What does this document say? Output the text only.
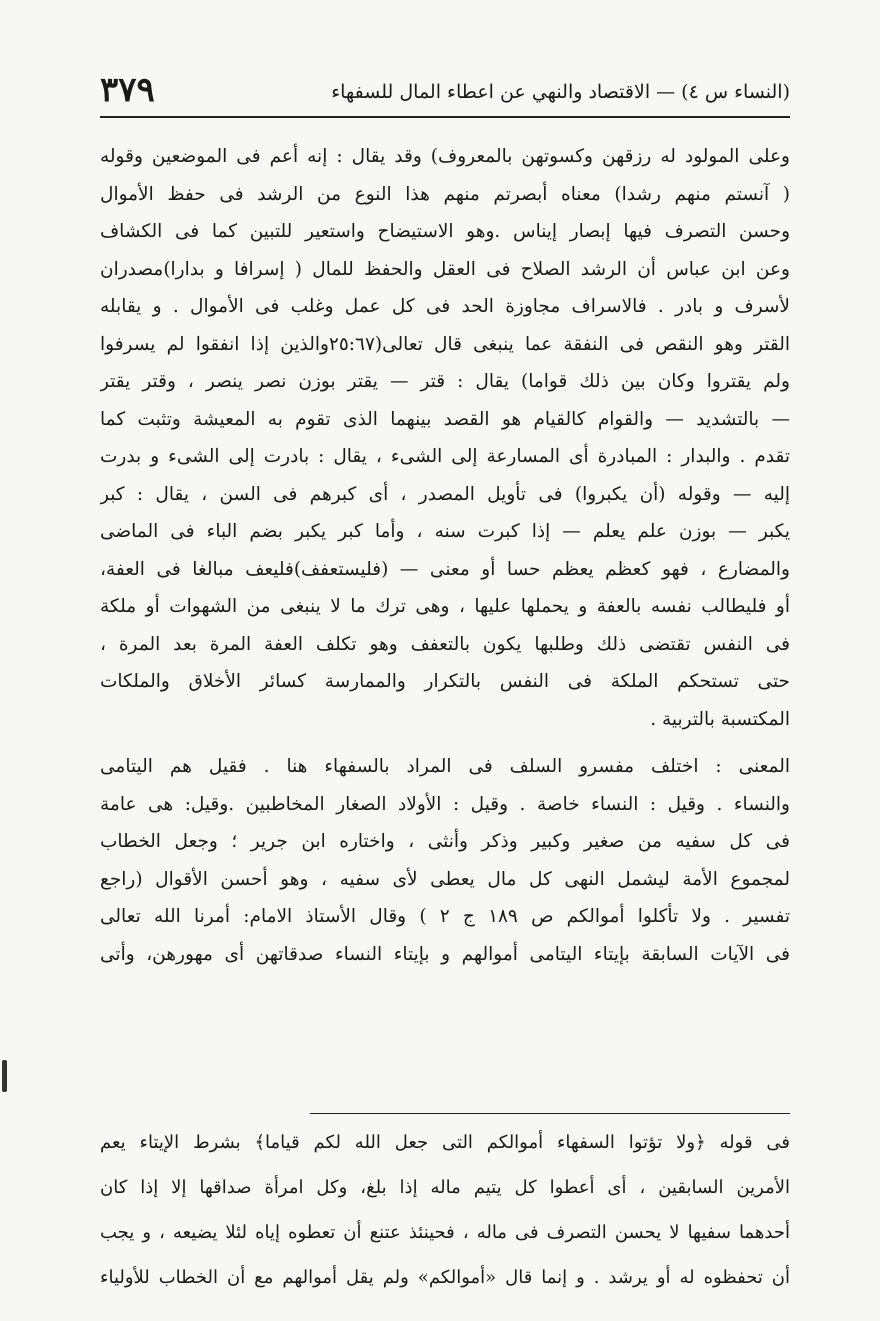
٣٧٩	(النساء س ٤) — الاقتصاد والنهي عن اعطاء المال للسفهاء
وعلى المولود له رزقهن وكسوتهن بالمعروف) وقد يقال : إنه أعم فى الموضعين وقوله
( آنستم منهم رشدا) معناه أبصرتم منهم هذا النوع من الرشد فى حفظ الأموال
وحسن التصرف فيها إبصار إيناس .وهو الاستيضاح واستعير للتبين كما فى الكشاف
وعن ابن عباس أن الرشد الصلاح فى العقل والحفظ للمال ( إسرافا و بدارا)مصدران
لأسرف و بادر . فالاسراف مجاوزة الحد فى كل عمل وغلب فى الأموال . و يقابله
القتر وهو النقص فى النفقة عما ينبغى قال تعالى(٢٥:٦٧والذين إذا انفقوا لم يسرفوا
ولم يقتروا وكان بين ذلك قواما) يقال : قتر — يقتر بوزن نصر ينصر ، وقتر يقتر
— بالتشديد — والقوام كالقيام هو القصد بينهما الذى تقوم به المعيشة وتثبت كما
تقدم . والبدار : المبادرة أى المسارعة إلى الشىء ، يقال : بادرت إلى الشىء و بدرت
إليه — وقوله (أن يكبروا) فى تأويل المصدر ، أى كبرهم فى السن ، يقال : كبر
يكبر — بوزن علم يعلم — إذا كبرت سنه ، وأما كبر يكبر بضم الباء فى الماضى
والمضارع ، فهو كعظم يعظم حسا أو معنى — (فليستعفف)فليعف مبالغا فى العفة،
أو فليطالب نفسه بالعفة و يحملها عليها ، وهى ترك ما لا ينبغى من الشهوات أو ملكة
فى النفس تقتضى ذلك وطلبها يكون بالتعفف وهو تكلف العفة المرة بعد المرة ،
حتى تستحكم الملكة فى النفس بالتكرار والممارسة كسائر الأخلاق والملكات
المكتسبة بالتربية .
المعنى : اختلف مفسرو السلف فى المراد بالسفهاء هنا . فقيل هم اليتامى
والنساء . وقيل : النساء خاصة . وقيل : الأولاد الصغار المخاطبين .وقيل: هى عامة
فى كل سفيه من صغير وكبير وذكر وأنثى ، واختاره ابن جرير ؛ وجعل الخطاب
لمجموع الأمة ليشمل النهى كل مال يعطى لأى سفيه ، وهو أحسن الأقوال (راجع
تفسير . ولا تأكلوا أموالكم ص ١٨٩ ج ٢ ) وقال الأستاذ الامام: أمرنا الله تعالى
فى الآيات السابقة بإيتاء اليتامى أموالهم و بإيتاء النساء صدقاتهن أى مهورهن، وأتى
فى قوله ﴿ولا تؤتوا السفهاء أموالكم التى جعل الله لكم قياما﴾ بشرط الإيتاء يعم
الأمرين السابقين ، أى أعطوا كل يتيم ماله إذا بلغ، وكل امرأة صداقها إلا إذا كان
أحدهما سفيها لا يحسن التصرف فى ماله ، فحينئذ عتنع أن تعطوه إياه لئلا يضيعه ، و يجب
أن تحفظوه له أو يرشد . و إنما قال «أموالكم» ولم يقل أموالهم مع أن الخطاب للأولياء
